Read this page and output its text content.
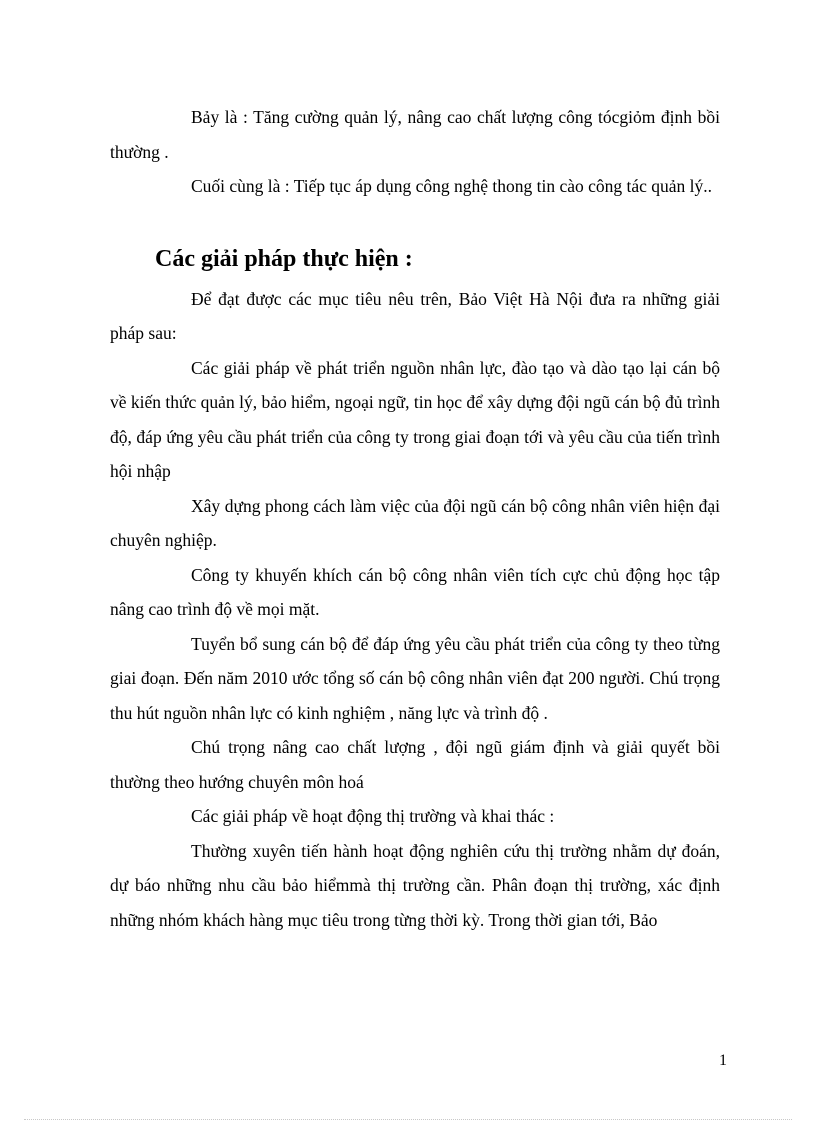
Bảy là : Tăng cường quản lý, nâng cao chất lượng công tócgiỏm định bồi thường .

Cuối cùng là : Tiếp tục áp dụng công nghệ thong tin cào công tác quản lý..

Các giải pháp thực hiện :

Để đạt được các mục tiêu nêu trên, Bảo Việt Hà Nội đưa ra những giải pháp sau:

Các giải pháp về phát triển nguồn nhân lực, đào tạo và dào tạo lại cán bộ về kiến thức quản lý, bảo hiểm, ngoại ngữ, tin học để xây dựng đội ngũ cán bộ đủ trình độ, đáp ứng yêu cầu phát triển của công ty trong giai đoạn tới và yêu cầu của tiến trình hội nhập

Xây dựng phong cách làm việc của đội ngũ cán bộ công nhân viên hiện đại chuyên nghiệp.

Công ty khuyến khích cán bộ công nhân viên tích cực chủ động học tập nâng cao trình độ về mọi mặt.

Tuyển bổ sung cán bộ để đáp ứng yêu cầu phát triển của công ty theo từng giai đoạn. Đến năm 2010 ước tổng số cán bộ công nhân viên đạt 200 người. Chú trọng thu hút nguồn nhân lực có kinh nghiệm , năng lực và trình độ .

Chú trọng nâng cao chất lượng , đội ngũ giám định và giải quyết bồi thường theo hướng chuyên môn hoá

Các giải pháp về hoạt động thị trường và khai thác :

Thường xuyên tiến hành hoạt động nghiên cứu thị trường nhằm dự đoán, dự báo những nhu cầu bảo hiểmmà thị trường cần. Phân đoạn thị trường, xác định những nhóm khách hàng mục tiêu trong từng thời kỳ. Trong thời gian tới, Bảo

1
